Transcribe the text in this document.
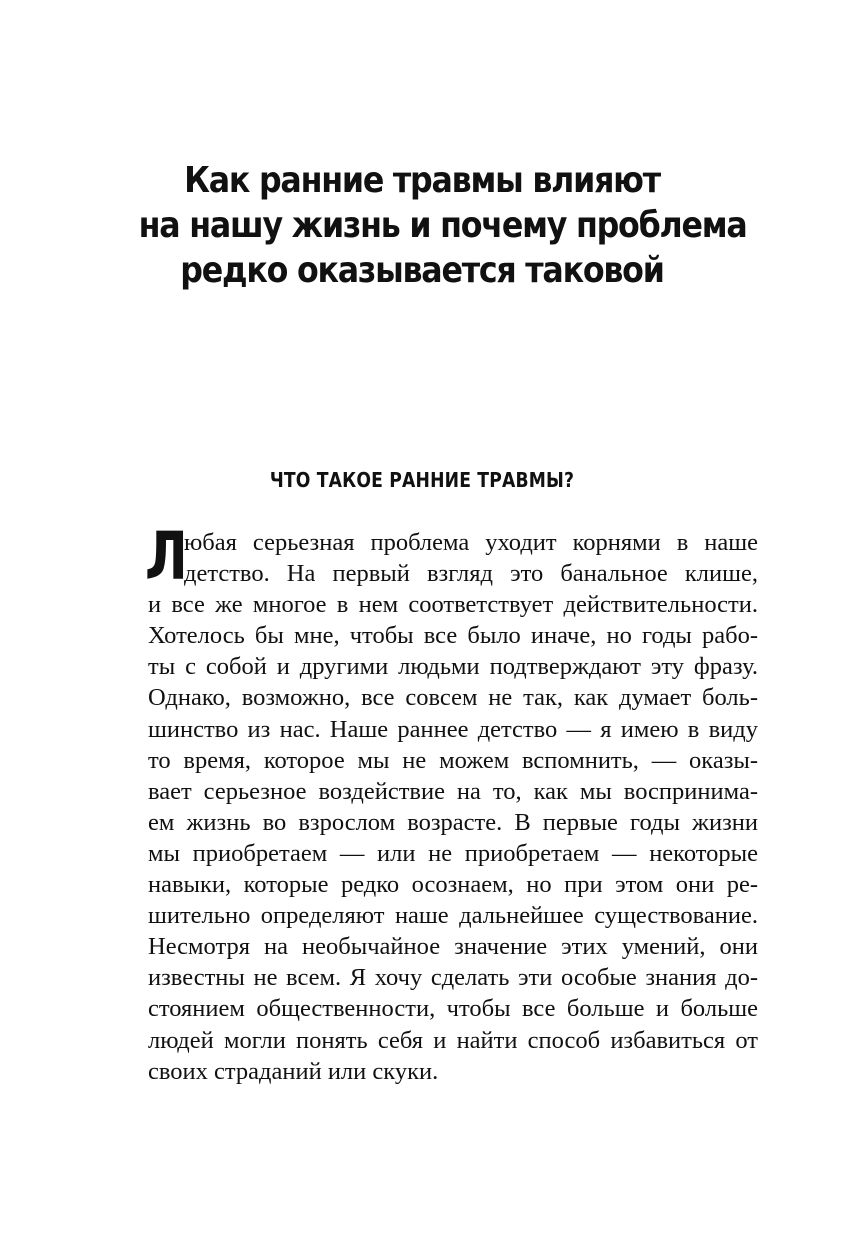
Как ранние травмы влияют
на нашу жизнь и почему проблема
редко оказывается таковой
ЧТО ТАКОЕ РАННИЕ ТРАВМЫ?
Л
юбая серьезная проблема уходит корнями в наше
детство. На первый взгляд это банальное клише,
и все же многое в нем соответствует действительности.
Хотелось бы мне, чтобы все было иначе, но годы рабо-
ты с собой и другими людьми подтверждают эту фразу.
Однако, возможно, все совсем не так, как думает боль-
шинство из нас. Наше раннее детство — я имею в виду
то время, которое мы не можем вспомнить, — оказы-
вает серьезное воздействие на то, как мы воспринима-
ем жизнь во взрослом возрасте. В первые годы жизни
мы приобретаем — или не приобретаем — некоторые
навыки, которые редко осознаем, но при этом они ре-
шительно определяют наше дальнейшее существование.
Несмотря на необычайное значение этих умений, они
известны не всем. Я хочу сделать эти особые знания до-
стоянием общественности, чтобы все больше и больше
людей могли понять себя и найти способ избавиться от
своих страданий или скуки.
